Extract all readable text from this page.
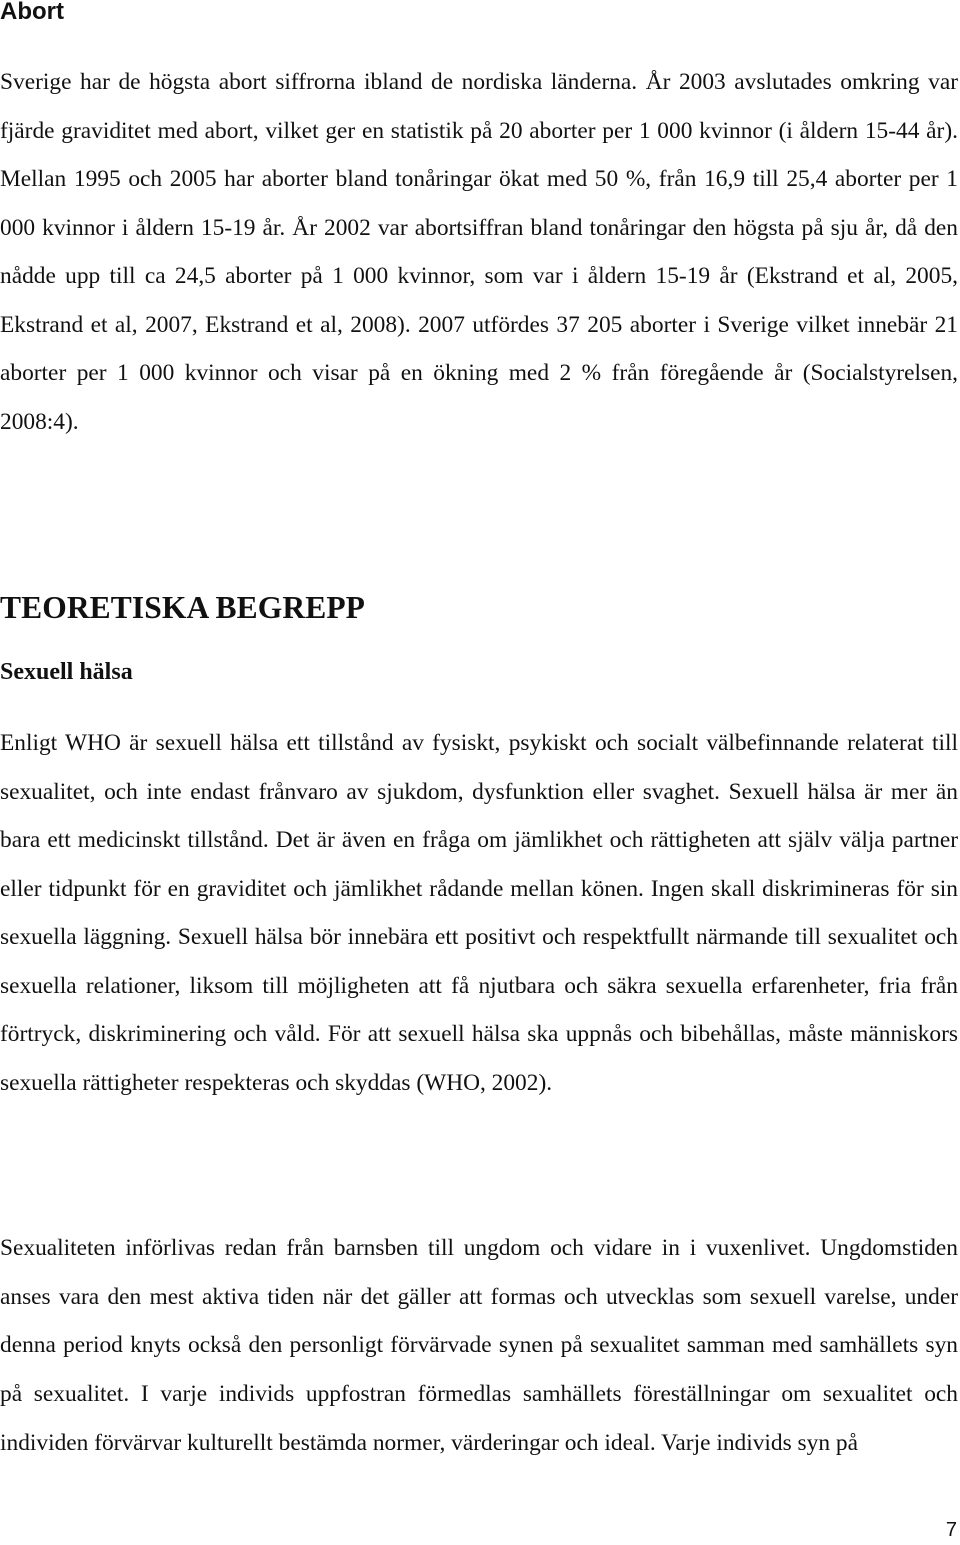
Abort

Sverige har de högsta abort siffrorna ibland de nordiska länderna. År 2003 avslutades omkring var fjärde graviditet med abort, vilket ger en statistik på 20 aborter per 1 000 kvinnor (i åldern 15-44 år). Mellan 1995 och 2005 har aborter bland tonåringar ökat med 50 %, från 16,9 till 25,4 aborter per 1 000 kvinnor i åldern 15-19 år. År 2002 var abortsiffran bland tonåringar den högsta på sju år, då den nådde upp till ca 24,5 aborter på 1 000 kvinnor, som var i åldern 15-19 år (Ekstrand et al, 2005, Ekstrand et al, 2007, Ekstrand et al, 2008). 2007 utfördes 37 205 aborter i Sverige vilket innebär 21 aborter per 1 000 kvinnor och visar på en ökning med 2 % från föregående år (Socialstyrelsen, 2008:4).

TEORETISKA BEGREPP
Sexuell hälsa

Enligt WHO är sexuell hälsa ett tillstånd av fysiskt, psykiskt och socialt välbefinnande relaterat till sexualitet, och inte endast frånvaro av sjukdom, dysfunktion eller svaghet. Sexuell hälsa är mer än bara ett medicinskt tillstånd. Det är även en fråga om jämlikhet och rättigheten att själv välja partner eller tidpunkt för en graviditet och jämlikhet rådande mellan könen. Ingen skall diskrimineras för sin sexuella läggning. Sexuell hälsa bör innebära ett positivt och respektfullt närmande till sexualitet och sexuella relationer, liksom till möjligheten att få njutbara och säkra sexuella erfarenheter, fria från förtryck, diskriminering och våld. För att sexuell hälsa ska uppnås och bibehållas, måste människors sexuella rättigheter respekteras och skyddas (WHO, 2002).

Sexualiteten införlivas redan från barnsben till ungdom och vidare in i vuxenlivet. Ungdomstiden anses vara den mest aktiva tiden när det gäller att formas och utvecklas som sexuell varelse, under denna period knyts också den personligt förvärvade synen på sexualitet samman med samhällets syn på sexualitet. I varje individs uppfostran förmedlas samhällets föreställningar om sexualitet och individen förvärvar kulturellt bestämda normer, värderingar och ideal. Varje individs syn på

7
